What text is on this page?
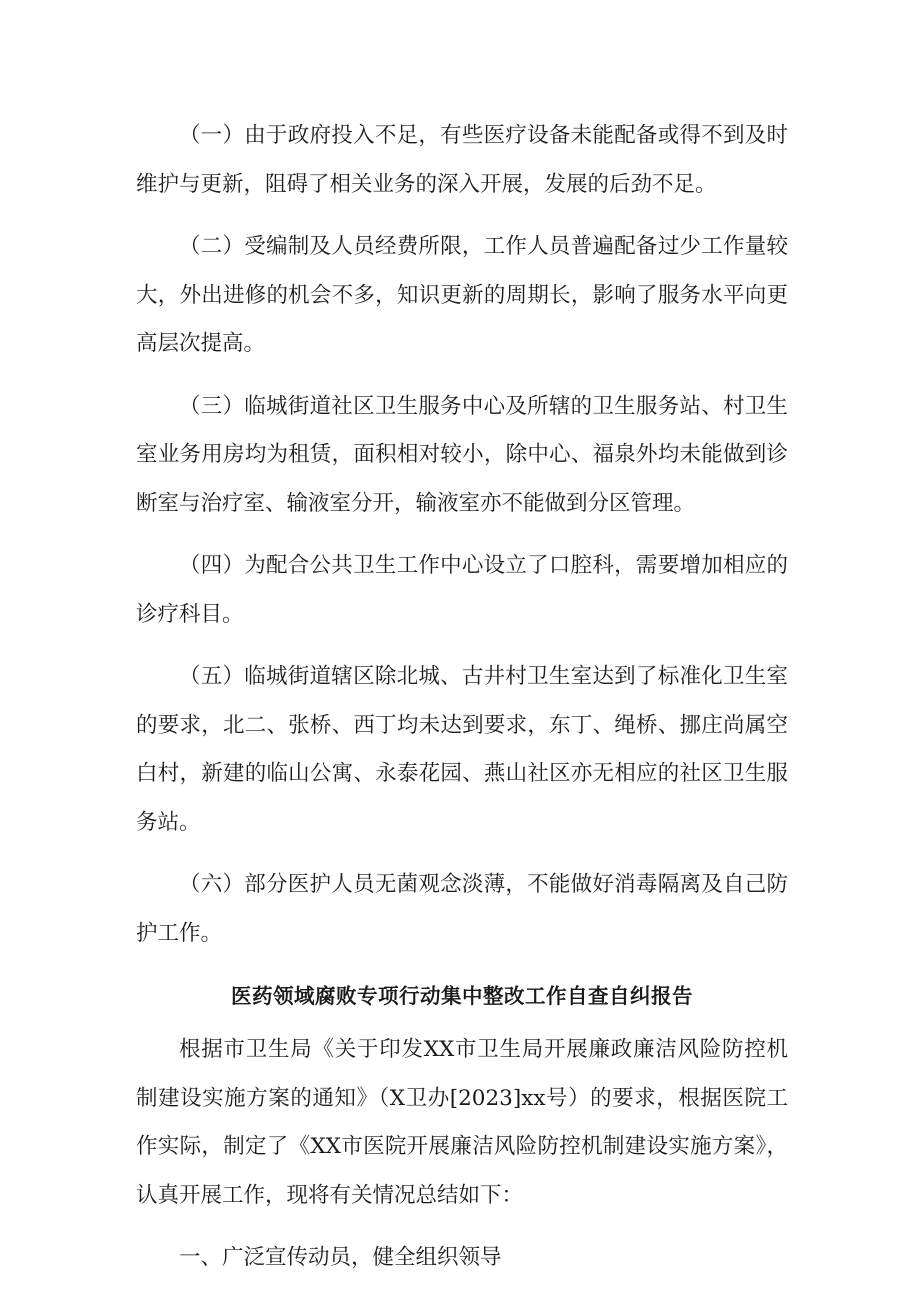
（一）由于政府投入不足，有些医疗设备未能配备或得不到及时维护与更新，阻碍了相关业务的深入开展，发展的后劲不足。

（二）受编制及人员经费所限，工作人员普遍配备过少工作量较大，外出进修的机会不多，知识更新的周期长，影响了服务水平向更高层次提高。

（三）临城街道社区卫生服务中心及所辖的卫生服务站、村卫生室业务用房均为租赁，面积相对较小，除中心、福泉外均未能做到诊断室与治疗室、输液室分开，输液室亦不能做到分区管理。

（四）为配合公共卫生工作中心设立了口腔科，需要增加相应的诊疗科目。

（五）临城街道辖区除北城、古井村卫生室达到了标准化卫生室的要求，北二、张桥、西丁均未达到要求，东丁、绳桥、挪庄尚属空白村，新建的临山公寓、永泰花园、燕山社区亦无相应的社区卫生服务站。

（六）部分医护人员无菌观念淡薄，不能做好消毒隔离及自己防护工作。

医药领域腐败专项行动集中整改工作自查自纠报告

根据市卫生局《关于印发XX市卫生局开展廉政廉洁风险防控机制建设实施方案的通知》（X卫办[2023]xx号）的要求，根据医院工作实际，制定了《XX市医院开展廉洁风险防控机制建设实施方案》，认真开展工作，现将有关情况总结如下：

一、广泛宣传动员，健全组织领导
